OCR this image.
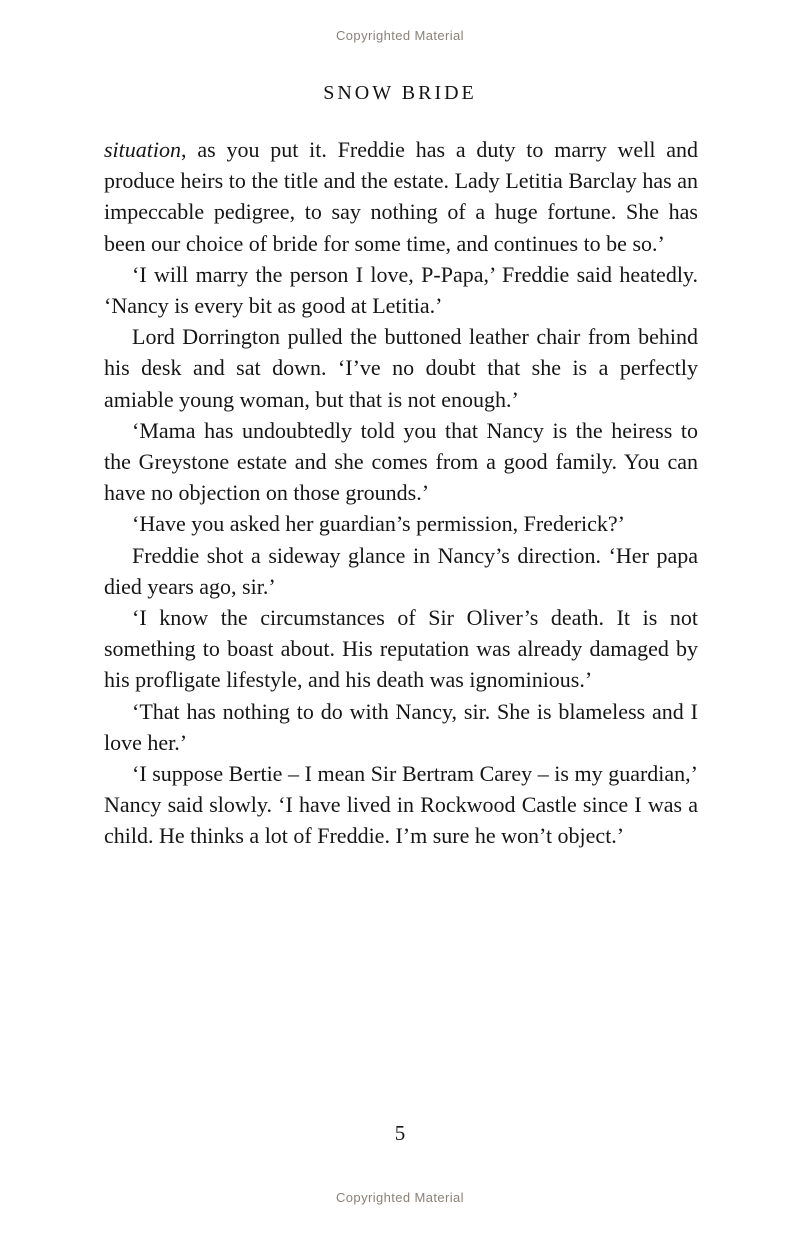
Copyrighted Material
SNOW BRIDE

situation, as you put it. Freddie has a duty to marry well and produce heirs to the title and the estate. Lady Letitia Barclay has an impeccable pedigree, to say nothing of a huge fortune. She has been our choice of bride for some time, and continues to be so.’

‘I will marry the person I love, P-Papa,’ Freddie said heatedly. ‘Nancy is every bit as good at Letitia.’

Lord Dorrington pulled the buttoned leather chair from behind his desk and sat down. ‘I’ve no doubt that she is a perfectly amiable young woman, but that is not enough.’

‘Mama has undoubtedly told you that Nancy is the heiress to the Greystone estate and she comes from a good family. You can have no objection on those grounds.’

‘Have you asked her guardian’s permission, Frederick?’

Freddie shot a sideway glance in Nancy’s direction. ‘Her papa died years ago, sir.’

‘I know the circumstances of Sir Oliver’s death. It is not something to boast about. His reputation was already damaged by his profligate lifestyle, and his death was ignominious.’

‘That has nothing to do with Nancy, sir. She is blameless and I love her.’

‘I suppose Bertie – I mean Sir Bertram Carey – is my guardian,’ Nancy said slowly. ‘I have lived in Rockwood Castle since I was a child. He thinks a lot of Freddie. I’m sure he won’t object.’

5
Copyrighted Material
